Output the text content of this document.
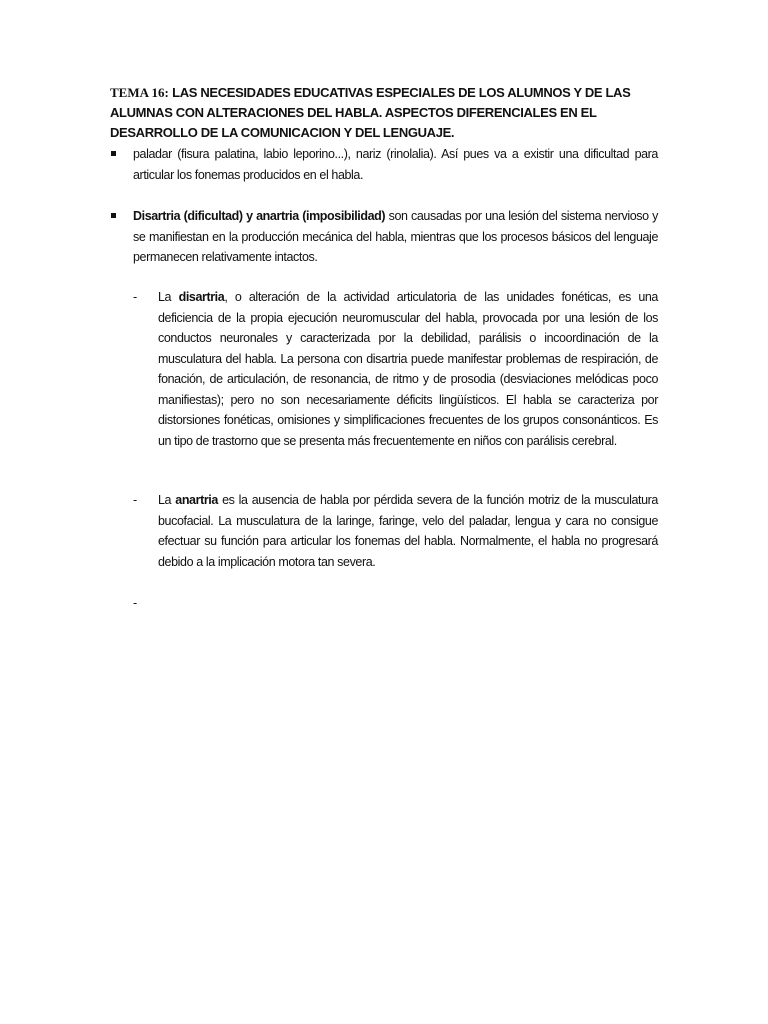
TEMA 16: LAS NECESIDADES EDUCATIVAS ESPECIALES DE LOS ALUMNOS Y DE LAS ALUMNAS CON ALTERACIONES DEL HABLA. ASPECTOS DIFERENCIALES EN EL DESARROLLO DE LA COMUNICACION Y DEL LENGUAJE.
paladar (fisura palatina, labio leporino...), nariz (rinolalia). Así pues va a existir una dificultad para articular los fonemas producidos en el habla.
Disartria (dificultad) y anartria (imposibilidad) son causadas por una lesión del sistema nervioso y se manifiestan en la producción mecánica del habla, mientras que los procesos básicos del lenguaje permanecen relativamente intactos.
- La disartria, o alteración de la actividad articulatoria de las unidades fonéticas, es una deficiencia de la propia ejecución neuromuscular del habla, provocada por una lesión de los conductos neuronales y caracterizada por la debilidad, parálisis o incoordinación de la musculatura del habla. La persona con disartria puede manifestar problemas de respiración, de fonación, de articulación, de resonancia, de ritmo y de prosodia (desviaciones melódicas poco manifiestas); pero no son necesariamente déficits lingüísticos. El habla se caracteriza por distorsiones fonéticas, omisiones y simplificaciones frecuentes de los grupos consonánticos. Es un tipo de trastorno que se presenta más frecuentemente en niños con parálisis cerebral.
- La anartria es la ausencia de habla por pérdida severa de la función motriz de la musculatura bucofacial. La musculatura de la laringe, faringe, velo del paladar, lengua y cara no consigue efectuar su función para articular los fonemas del habla. Normalmente, el habla no progresará debido a la implicación motora tan severa.
-
